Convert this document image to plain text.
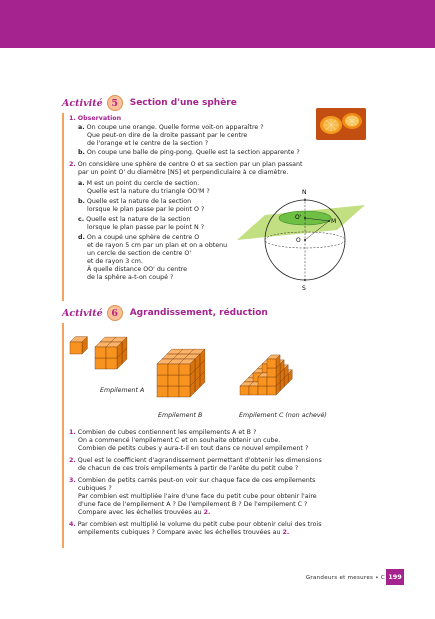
Activité 5	Section d'une sphère
1. Observation
a. On coupe une orange. Quelle forme voit-on apparaître ?
Que peut-on dire de la droite passant par le centre
de l'orange et le centre de la section ?
b. On coupe une balle de ping-pong. Quelle est la section apparente ?
2. On considère une sphère de centre O et sa section par un plan passant
par un point O' du diamètre [NS] et perpendiculaire à ce diamètre.
a. M est un point du cercle de section.
Quelle est la nature du triangle OO'M ?
b. Quelle est la nature de la section
lorsque le plan passe par le point O ?
c. Quelle est la nature de la section
lorsque le plan passe par le point N ?
d. On a coupé une sphère de centre O
et de rayon 5 cm par un plan et on a obtenu
un cercle de section de centre O'
et de rayon 3 cm.
À quelle distance OO' du centre
de la sphère a-t-on coupé ?
N
S
O
O'
M
Activité 6	Agrandissement, réduction
Empilement A
Empilement B	Empilement C (non achevé)
1. Combien de cubes contiennent les empilements A et B ?
On a commencé l'empilement C et on souhaite obtenir un cube.
Combien de petits cubes y aura-t-il en tout dans ce nouvel empilement ?
2. Quel est le coefficient d'agrandissement permettant d'obtenir les dimensions
de chacun de ces trois empilements à partir de l'arête du petit cube ?
3. Combien de petits carrés peut-on voir sur chaque face de ces empilements
cubiques ?
Par combien est multipliée l'aire d'une face du petit cube pour obtenir l'aire
d'une face de l'empilement A ? De l'empilement B ? De l'empilement C ?
Compare avec les échelles trouvées au 2.
4. Par combien est multiplié le volume du petit cube pour obtenir celui des trois
empilements cubiques ? Compare avec les échelles trouvées au 2.
Grandeurs et mesures • C 199
